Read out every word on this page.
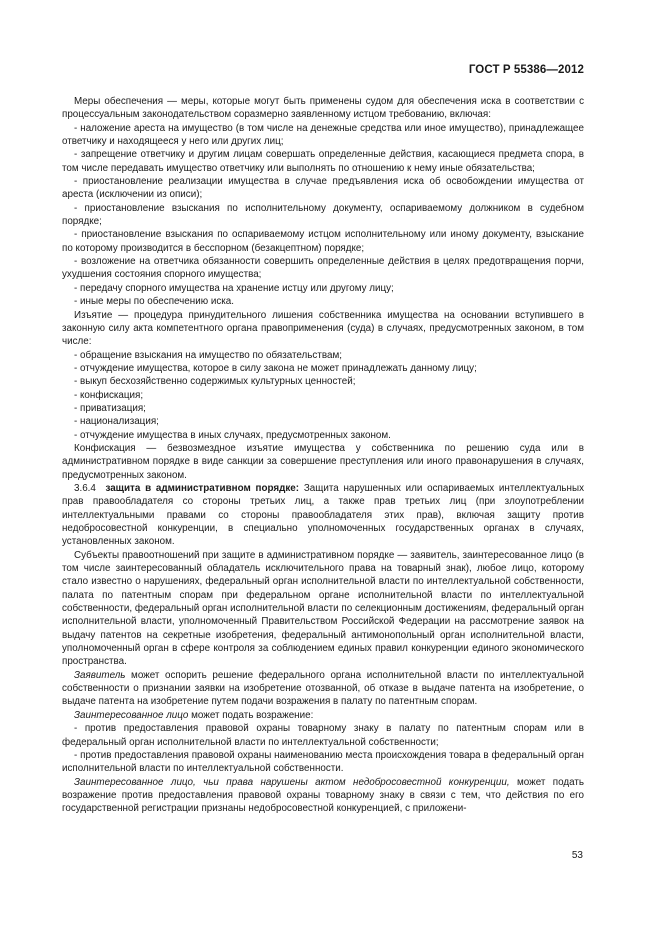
ГОСТ Р 55386—2012

Меры обеспечения — меры, которые могут быть применены судом для обеспечения иска в соответствии с процессуальным законодательством соразмерно заявленному истцом требованию, включая:

- наложение ареста на имущество (в том числе на денежные средства или иное имущество), принадлежащее ответчику и находящееся у него или других лиц;

- запрещение ответчику и другим лицам совершать определенные действия, касающиеся предмета спора, в том числе передавать имущество ответчику или выполнять по отношению к нему иные обязательства;

- приостановление реализации имущества в случае предъявления иска об освобождении имущества от ареста (исключении из описи);

- приостановление взыскания по исполнительному документу, оспариваемому должником в судебном порядке;

- приостановление взыскания по оспариваемому истцом исполнительному или иному документу, взыскание по которому производится в бесспорном (безакцептном) порядке;

- возложение на ответчика обязанности совершить определенные действия в целях предотвращения порчи, ухудшения состояния спорного имущества;

- передачу спорного имущества на хранение истцу или другому лицу;

- иные меры по обеспечению иска.

Изъятие — процедура принудительного лишения собственника имущества на основании вступившего в законную силу акта компетентного органа правоприменения (суда) в случаях, предусмотренных законом, в том числе:

- обращение взыскания на имущество по обязательствам;

- отчуждение имущества, которое в силу закона не может принадлежать данному лицу;

- выкуп бесхозяйственно содержимых культурных ценностей;

- конфискация;

- приватизация;

- национализация;

- отчуждение имущества в иных случаях, предусмотренных законом.

Конфискация — безвозмездное изъятие имущества у собственника по решению суда или в административном порядке в виде санкции за совершение преступления или иного правонарушения в случаях, предусмотренных законом.

3.6.4 защита в административном порядке: Защита нарушенных или оспариваемых интеллектуальных прав правообладателя со стороны третьих лиц, а также прав третьих лиц (при злоупотреблении интеллектуальными правами со стороны правообладателя этих прав), включая защиту против недобросовестной конкуренции, в специально уполномоченных государственных органах в случаях, установленных законом.

Субъекты правоотношений при защите в административном порядке — заявитель, заинтересованное лицо (в том числе заинтересованный обладатель исключительного права на товарный знак), любое лицо, которому стало известно о нарушениях, федеральный орган исполнительной власти по интеллектуальной собственности, палата по патентным спорам при федеральном органе исполнительной власти по интеллектуальной собственности, федеральный орган исполнительной власти по селекционным достижениям, федеральный орган исполнительной власти, уполномоченный Правительством Российской Федерации на рассмотрение заявок на выдачу патентов на секретные изобретения, федеральный антимонопольный орган исполнительной власти, уполномоченный орган в сфере контроля за соблюдением единых правил конкуренции единого экономического пространства.

Заявитель может оспорить решение федерального органа исполнительной власти по интеллектуальной собственности о признании заявки на изобретение отозванной, об отказе в выдаче патента на изобретение, о выдаче патента на изобретение путем подачи возражения в палату по патентным спорам.

Заинтересованное лицо может подать возражение:

- против предоставления правовой охраны товарному знаку в палату по патентным спорам или в федеральный орган исполнительной власти по интеллектуальной собственности;

- против предоставления правовой охраны наименованию места происхождения товара в федеральный орган исполнительной власти по интеллектуальной собственности.

Заинтересованное лицо, чьи права нарушены актом недобросовестной конкуренции, может подать возражение против предоставления правовой охраны товарному знаку в связи с тем, что действия по его государственной регистрации признаны недобросовестной конкуренцией, с приложени-

53
